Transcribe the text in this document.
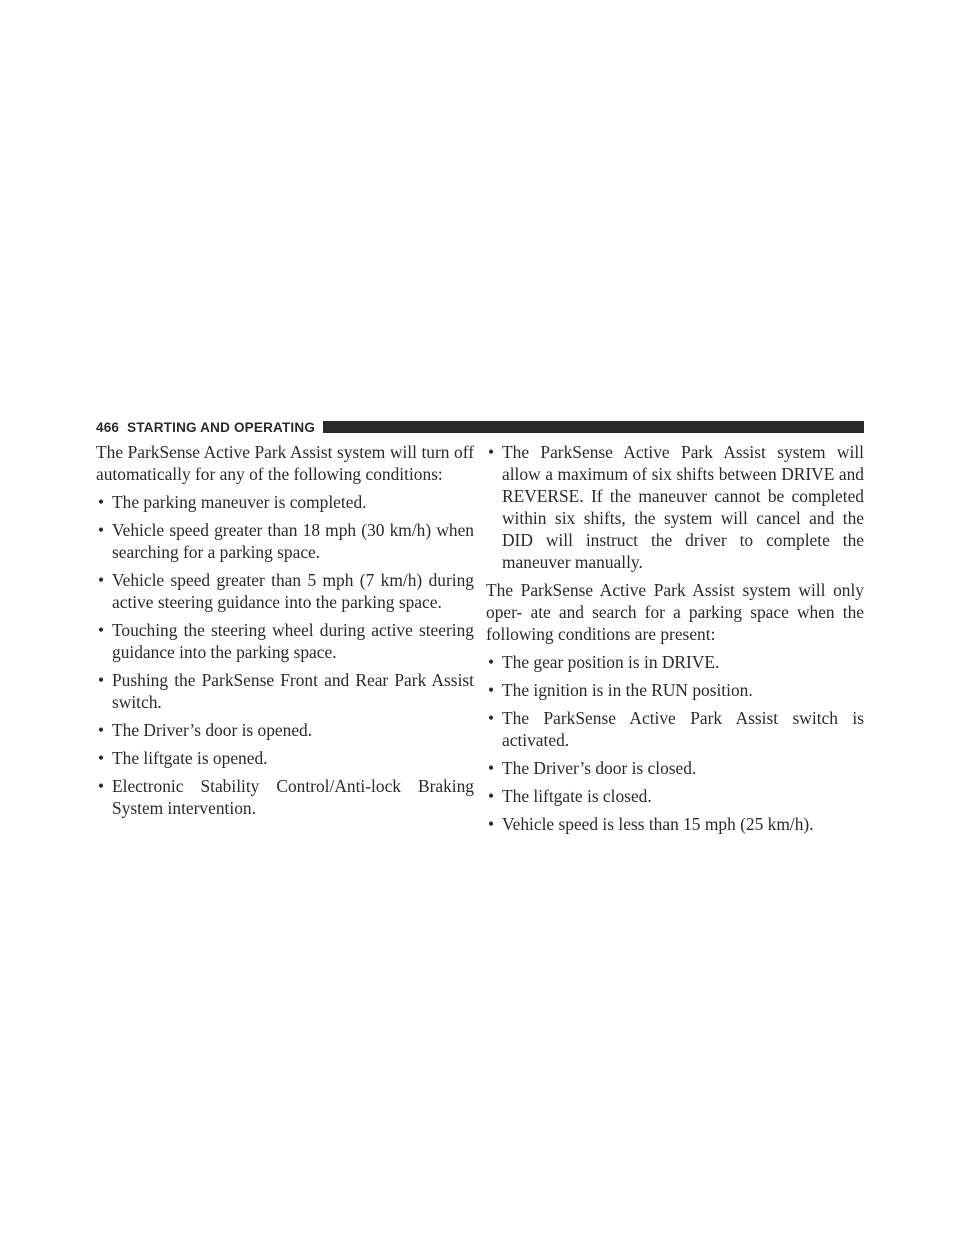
466 STARTING AND OPERATING

The ParkSense Active Park Assist system will turn off automatically for any of the following conditions:

• The parking maneuver is completed.
• Vehicle speed greater than 18 mph (30 km/h) when searching for a parking space.
• Vehicle speed greater than 5 mph (7 km/h) during active steering guidance into the parking space.
• Touching the steering wheel during active steering guidance into the parking space.
• Pushing the ParkSense Front and Rear Park Assist switch.
• The Driver’s door is opened.
• The liftgate is opened.
• Electronic Stability Control/Anti-lock Braking System intervention.
• The ParkSense Active Park Assist system will allow a maximum of six shifts between DRIVE and REVERSE. If the maneuver cannot be completed within six shifts, the system will cancel and the DID will instruct the driver to complete the maneuver manually.

The ParkSense Active Park Assist system will only oper- ate and search for a parking space when the following conditions are present:

• The gear position is in DRIVE.
• The ignition is in the RUN position.
• The ParkSense Active Park Assist switch is activated.
• The Driver’s door is closed.
• The liftgate is closed.
• Vehicle speed is less than 15 mph (25 km/h).
